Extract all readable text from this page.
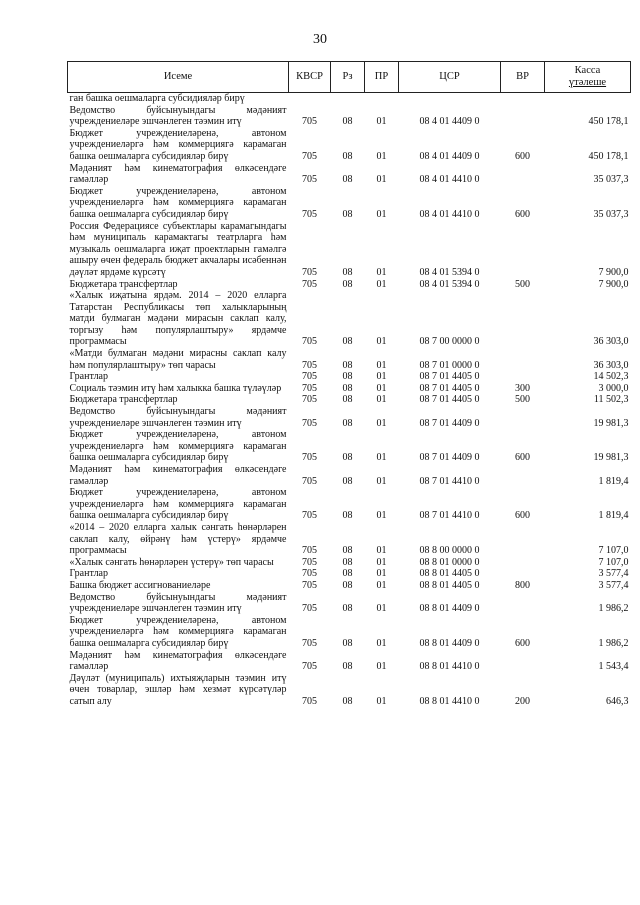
30
Исеме	КВСР	Рз	ПР	ЦСР	ВР	Касса
үтәлеше

ган башка оешмаларга субсидияләр бирү						
Ведомство буйсынуындагы мәдәният учреждениеләре эшчәнлеген тәэмин итү	705	08	01	08 4 01 4409 0		450 178,1
Бюджет учреждениеләренә, автоном учреждениеләргә һәм коммерциягә карамаган башка оешмаларга субсидияләр бирү	705	08	01	08 4 01 4409 0	600	450 178,1
Мәдәният һәм кинематография өлкәсендәге гамәлләр	705	08	01	08 4 01 4410 0		35 037,3
Бюджет учреждениеләренә, автоном учреждениеләргә һәм коммерциягә карамаган башка оешмаларга субсидияләр бирү	705	08	01	08 4 01 4410 0	600	35 037,3
Россия Федерациясе субъектлары карамагындагы һәм муниципаль карамактагы театрларга һәм музыкаль оешмаларга иҗат проектларын гамәлгә ашыру өчен федераль бюджет акчалары исәбеннән дәүләт ярдәме күрсәтү	705	08	01	08 4 01 5394 0		7 900,0
Бюджетара трансфертлар	705	08	01	08 4 01 5394 0	500	7 900,0
«Халык иҗатына ярдәм. 2014 – 2020 елларга Татарстан Республикасы төп халыкларының матди булмаган мәдәни мирасын саклап калу, торгызу һәм популярлаштыру» ярдәмче программасы	705	08	01	08 7 00 0000 0		36 303,0
«Матди булмаган мәдәни мирасны саклап калу һәм популярлаштыру» төп чарасы	705	08	01	08 7 01 0000 0		36 303,0
Грантлар	705	08	01	08 7 01 4405 0		14 502,3
Социаль тәэмин итү һәм халыкка башка түләүләр	705	08	01	08 7 01 4405 0	300	3 000,0
Бюджетара трансфертлар	705	08	01	08 7 01 4405 0	500	11 502,3
Ведомство буйсынуындагы мәдәният учреждениеләре эшчәнлеген тәэмин итү	705	08	01	08 7 01 4409 0		19 981,3
Бюджет учреждениеләренә, автоном учреждениеләргә һәм коммерциягә карамаган башка оешмаларга субсидияләр бирү	705	08	01	08 7 01 4409 0	600	19 981,3
Мәдәният һәм кинематография өлкәсендәге гамәлләр	705	08	01	08 7 01 4410 0		1 819,4
Бюджет учреждениеләренә, автоном учреждениеләргә һәм коммерциягә карамаган башка оешмаларга субсидияләр бирү	705	08	01	08 7 01 4410 0	600	1 819,4
«2014 – 2020 елларга халык сәнгать һөнәрләрен саклап калу, өйрәнү һәм үстерү» ярдәмче программасы	705	08	01	08 8 00 0000 0		7 107,0
«Халык сәнгать һөнәрләрен үстерү» төп чарасы	705	08	01	08 8 01 0000 0		7 107,0
Грантлар	705	08	01	08 8 01 4405 0		3 577,4
Башка бюджет ассигнованиеләре	705	08	01	08 8 01 4405 0	800	3 577,4
Ведомство буйсынуындагы мәдәният учреждениеләре эшчәнлеген тәэмин итү	705	08	01	08 8 01 4409 0		1 986,2
Бюджет учреждениеләренә, автоном учреждениеләргә һәм коммерциягә карамаган башка оешмаларга субсидияләр бирү	705	08	01	08 8 01 4409 0	600	1 986,2
Мәдәният һәм кинематография өлкәсендәге гамәлләр	705	08	01	08 8 01 4410 0		1 543,4
Дәүләт (муниципаль) ихтыяҗларын тәэмин итү өчен товарлар, эшләр һәм хезмәт күрсәтүләр сатып алу	705	08	01	08 8 01 4410 0	200	646,3
